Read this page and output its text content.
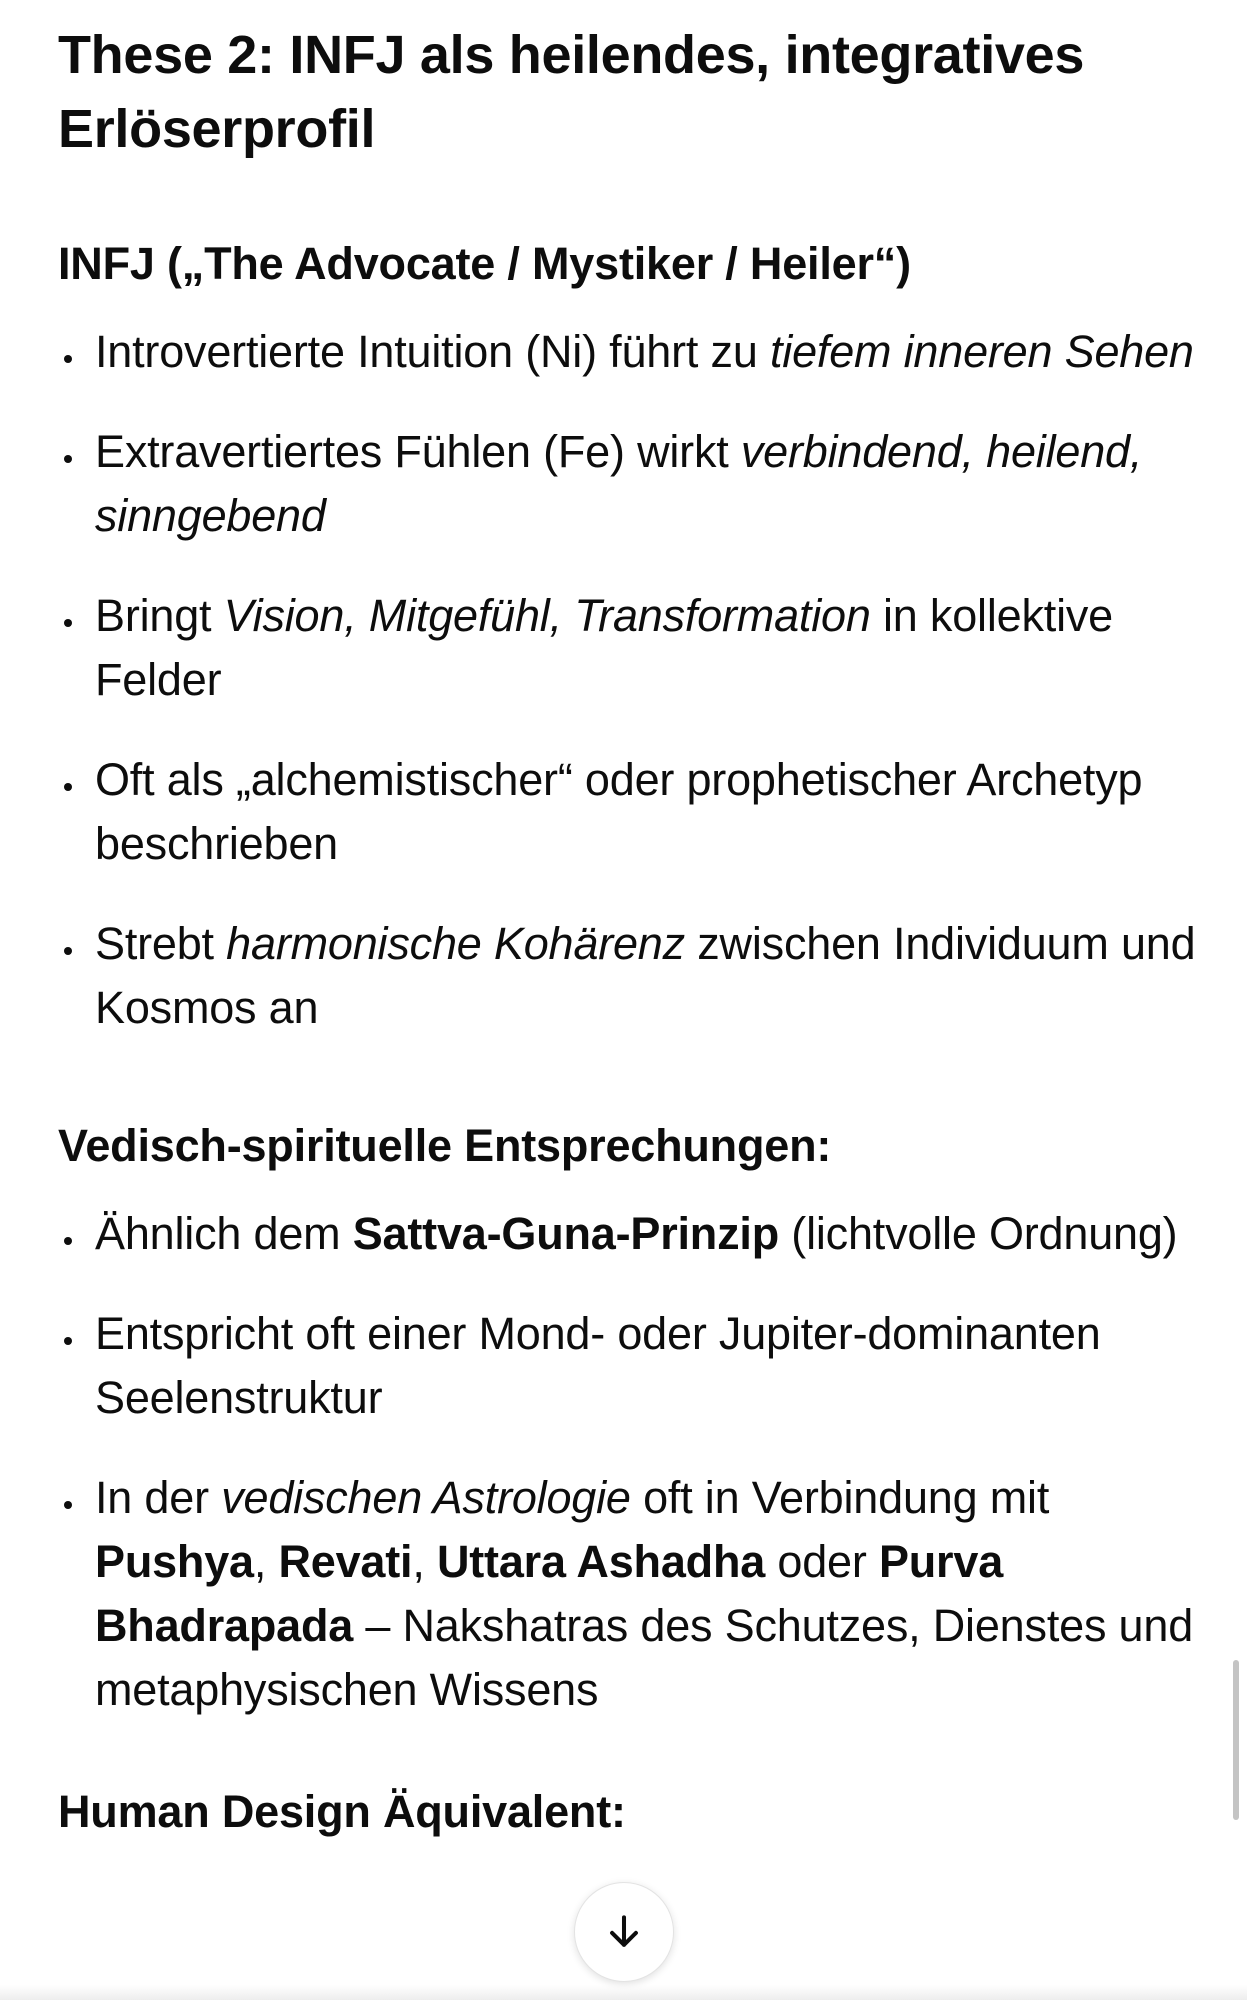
These 2: INFJ als heilendes, integratives Erlöserprofil
INFJ („The Advocate / Mystiker / Heiler“)
Introvertierte Intuition (Ni) führt zu tiefem inneren Sehen
Extravertiertes Fühlen (Fe) wirkt verbindend, heilend, sinngebend
Bringt Vision, Mitgefühl, Transformation in kollektive Felder
Oft als „alchemistischer“ oder prophetischer Archetyp beschrieben
Strebt harmonische Kohärenz zwischen Individuum und Kosmos an
Vedisch-spirituelle Entsprechungen:
Ähnlich dem Sattva-Guna-Prinzip (lichtvolle Ordnung)
Entspricht oft einer Mond- oder Jupiter-dominanten Seelenstruktur
In der vedischen Astrologie oft in Verbindung mit Pushya, Revati, Uttara Ashadha oder Purva Bhadrapada – Nakshatras des Schutzes, Dienstes und metaphysischen Wissens
Human Design Äquivalent:
